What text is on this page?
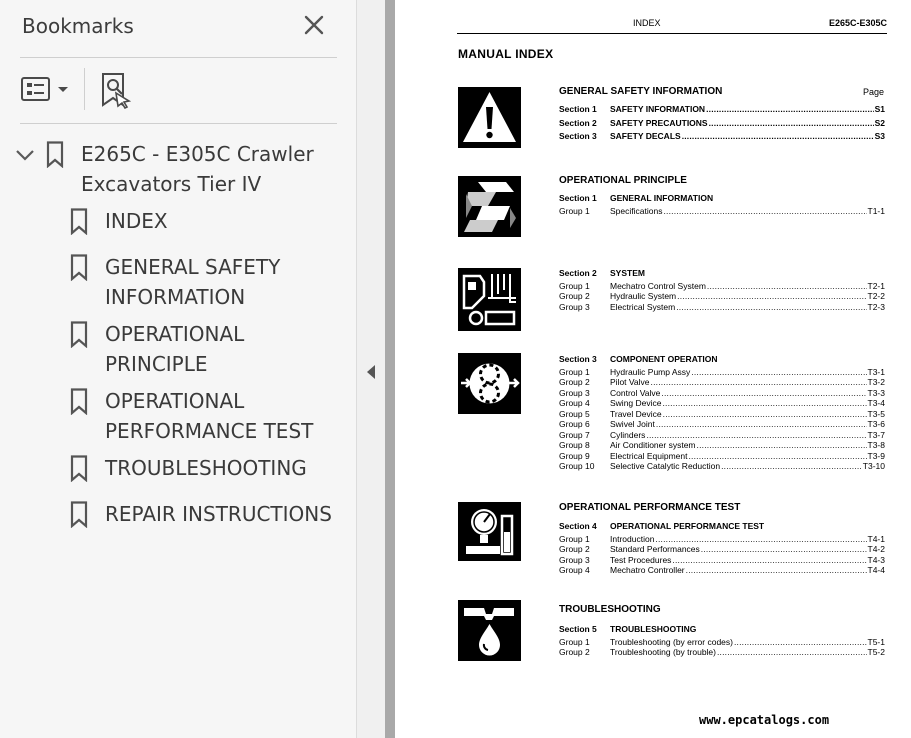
Bookmarks
E265C - E305C Crawler
Excavators Tier IV
INDEX
GENERAL SAFETY
INFORMATION
OPERATIONAL
PRINCIPLE
OPERATIONAL
PERFORMANCE TEST
TROUBLESHOOTING
REPAIR INSTRUCTIONS
INDEX	E265C-E305C
MANUAL INDEX
GENERAL SAFETY INFORMATION	Page
Section 1	SAFETY INFORMATION .....	S1
Section 2	SAFETY PRECAUTIONS .....	S2
Section 3	SAFETY DECALS .....	S3
OPERATIONAL PRINCIPLE
Section 1	GENERAL INFORMATION
Group 1	Specifications .....	T1-1
Section 2	SYSTEM
Group 1	Mechatro Control System .....	T2-1
Group 2	Hydraulic System .....	T2-2
Group 3	Electrical System .....	T2-3
Section 3	COMPONENT OPERATION
Group 1	Hydraulic Pump Assy .....	T3-1
Group 2	Pilot Valve .....	T3-2
Group 3	Control Valve .....	T3-3
Group 4	Swing Device .....	T3-4
Group 5	Travel Device .....	T3-5
Group 6	Swivel Joint .....	T3-6
Group 7	Cylinders .....	T3-7
Group 8	Air Conditioner system .....	T3-8
Group 9	Electrical Equipment .....	T3-9
Group 10	Selective Catalytic Reduction .....	T3-10
OPERATIONAL PERFORMANCE TEST
Section 4	OPERATIONAL PERFORMANCE TEST
Group 1	Introduction .....	T4-1
Group 2	Standard Performances .....	T4-2
Group 3	Test Procedures .....	T4-3
Group 4	Mechatro Controller .....	T4-4
TROUBLESHOOTING
Section 5	TROUBLESHOOTING
Group 1	Troubleshooting (by error codes) .....	T5-1
Group 2	Troubleshooting (by trouble) .....	T5-2
www.epcatalogs.com
